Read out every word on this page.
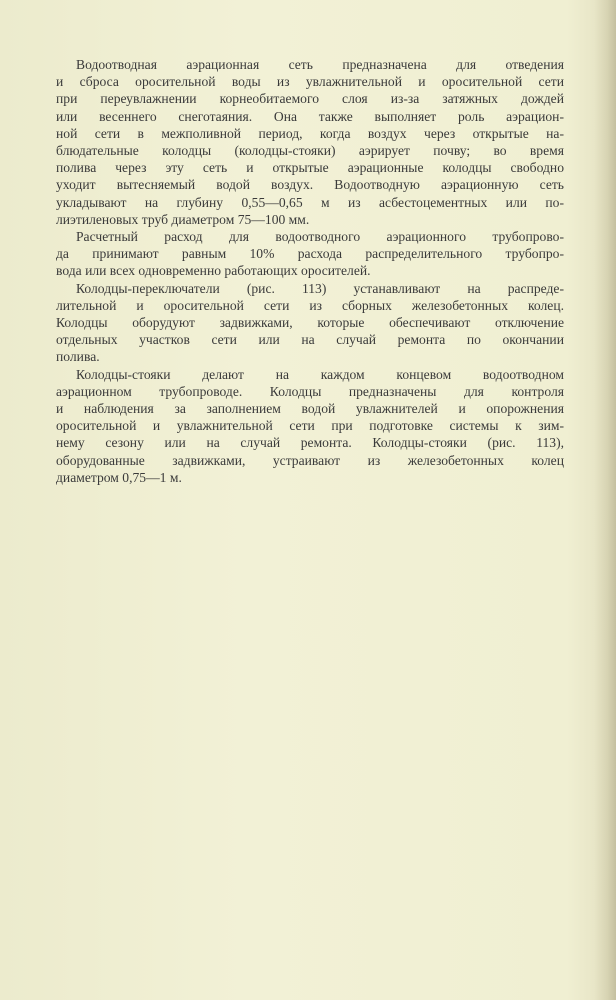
Водоотводная аэрационная сеть предназначена для отведения
и сброса оросительной воды из увлажнительной и оросительной сети
при переувлажнении корнеобитаемого слоя из-за затяжных дождей
или весеннего снеготаяния. Она также выполняет роль аэрацион-
ной сети в межполивной период, когда воздух через открытые на-
блюдательные колодцы (колодцы-стояки) аэрирует почву; во время
полива через эту сеть и открытые аэрационные колодцы свободно
уходит вытесняемый водой воздух. Водоотводную аэрационную сеть
укладывают на глубину 0,55—0,65 м из асбестоцементных или по-
лиэтиленовых труб диаметром 75—100 мм.
Расчетный расход для водоотводного аэрационного трубопрово-
да принимают равным 10% расхода распределительного трубопро-
вода или всех одновременно работающих оросителей.
Колодцы-переключатели (рис. 113) устанавливают на распреде-
лительной и оросительной сети из сборных железобетонных колец.
Колодцы оборудуют задвижками, которые обеспечивают отключение
отдельных участков сети или на случай ремонта по окончании
полива.
Колодцы-стояки делают на каждом концевом водоотводном
аэрационном трубопроводе. Колодцы предназначены для контроля
и наблюдения за заполнением водой увлажнителей и опорожнения
оросительной и увлажнительной сети при подготовке системы к зим-
нему сезону или на случай ремонта. Колодцы-стояки (рис. 113),
оборудованные задвижками, устраивают из железобетонных колец
диаметром 0,75—1 м.
